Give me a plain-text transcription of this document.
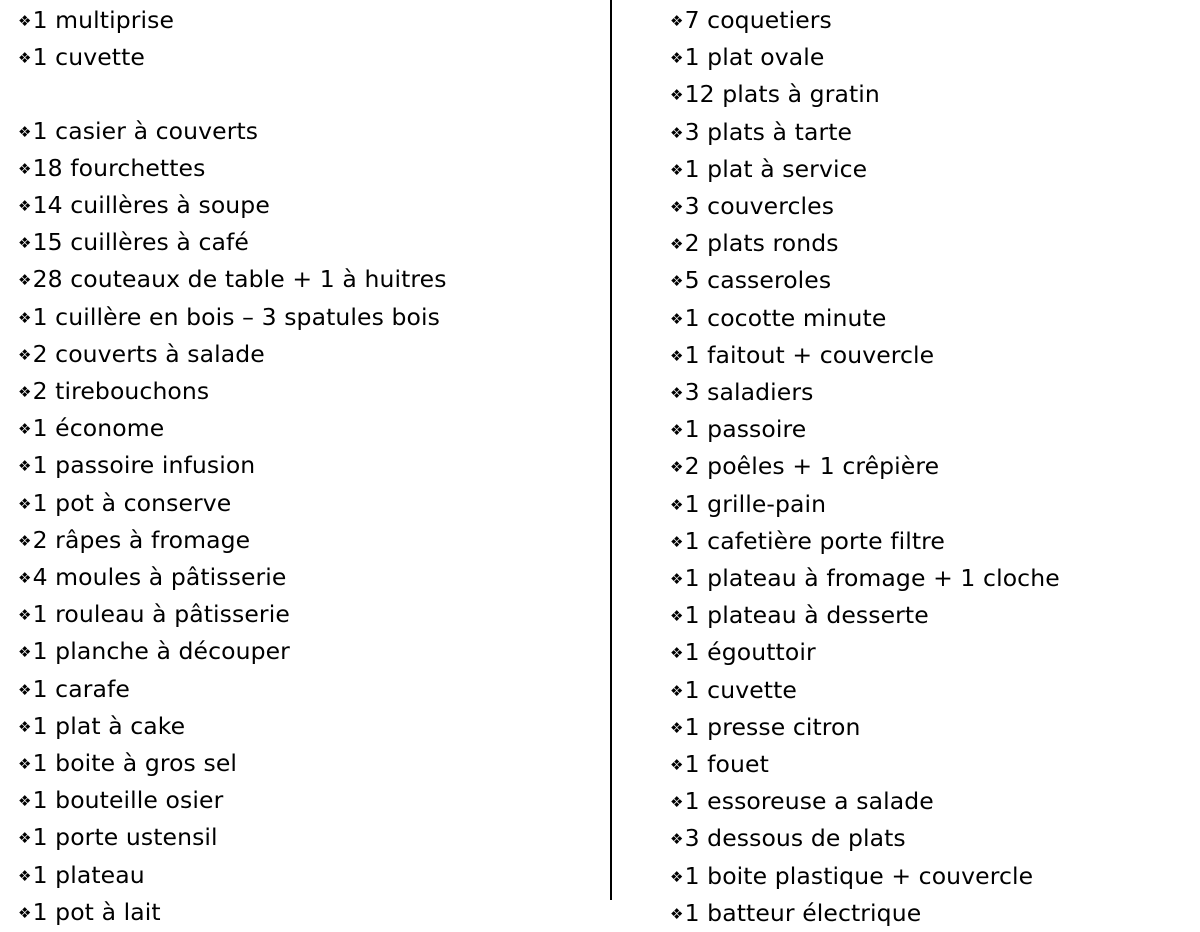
❖1 multiprise
❖1 cuvette
❖1 casier à couverts
❖18 fourchettes
❖14 cuillères à soupe
❖15 cuillères à café
❖28 couteaux de table + 1 à huitres
❖1 cuillère en bois – 3 spatules bois
❖2 couverts à salade
❖2 tirebouchons
❖1 économe
❖1 passoire infusion
❖1 pot à conserve
❖2 râpes à fromage
❖4 moules à pâtisserie
❖1 rouleau à pâtisserie
❖1 planche à découper
❖1 carafe
❖1 plat à cake
❖1 boite à gros sel
❖1 bouteille osier
❖1 porte ustensil
❖1 plateau
❖1 pot à lait
❖7 coquetiers
❖1 plat ovale
❖12 plats à gratin
❖3 plats à tarte
❖1 plat à service
❖3 couvercles
❖2 plats ronds
❖5 casseroles
❖1 cocotte minute
❖1 faitout + couvercle
❖3 saladiers
❖1 passoire
❖2 poêles + 1 crêpière
❖1 grille-pain
❖1 cafetière porte filtre
❖1 plateau à fromage + 1 cloche
❖1 plateau à desserte
❖1 égouttoir
❖1 cuvette
❖1 presse citron
❖1 fouet
❖1 essoreuse a salade
❖3 dessous de plats
❖1 boite plastique + couvercle
❖1 batteur électrique
